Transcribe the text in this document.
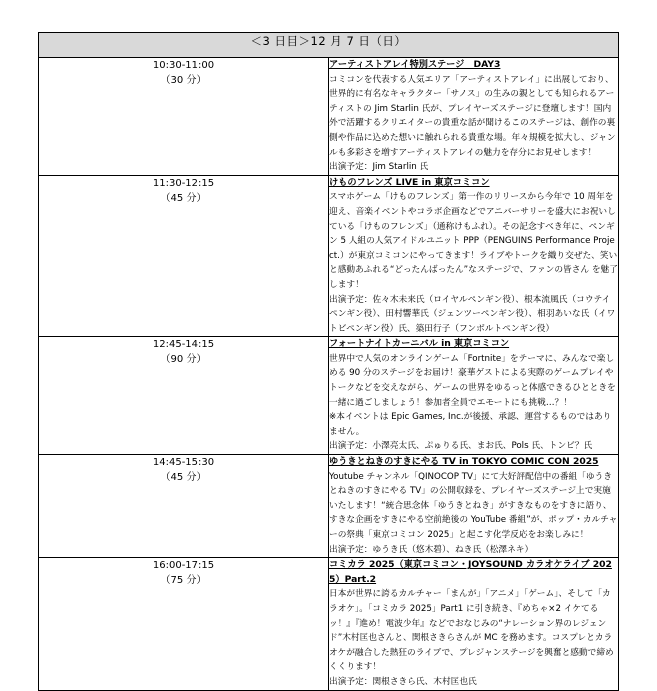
＜3 日目＞12 月 7 日（日）	

10:30-11:00
（30 分）	アーティストアレイ特別ステージ　DAY3
コミコンを代表する人気エリア「アーティストアレイ」に出展しており、世界的に有名なキャラクター「サノス」の生みの親としても知られるアーティストの Jim Starlin 氏が、プレイヤーズステージに登壇します！国内外で活躍するクリエイターの貴重な話が聞けるこのステージは、創作の裏側や作品に込めた想いに触れられる貴重な場。年々規模を拡大し、ジャンルも多彩さを増すアーティストアレイの魅力を存分にお見せします！
出演予定：Jim Starlin 氏

11:30-12:15
（45 分）	けものフレンズ LIVE in 東京コミコン
スマホゲーム「けものフレンズ」第一作のリリースから今年で 10 周年を迎え、音楽イベントやコラボ企画などでアニバーサリーを盛大にお祝いしている「けものフレンズ」（通称けもふれ）。その記念すべき年に、ペンギン 5 人組の人気アイドルユニット PPP（PENGUINS Performance Project.）が東京コミコンにやってきます！ライブやトークを織り交ぜた、笑いと感動あふれる“どったんばったん”なステージで、ファンの皆さん を魅了します！
出演予定：佐々木未来氏（ロイヤルペンギン役）、根本流風氏（コウテイペンギン役）、田村響華氏（ジェンツーペンギン役）、相羽あいな氏（イワトビペンギン役）氏、築田行子（フンボルトペンギン役）

12:45-14:15
（90 分）	フォートナイトカーニバル in 東京コミコン
世界中で人気のオンラインゲーム「Fortnite」をテーマに、みんなで楽しめる 90 分のステージをお届け！豪華ゲストによる実際のゲームプレイやトークなどを交えながら、ゲームの世界をゆるっと体感できるひとときを一緒に過ごしましょう！参加者全員でエモートにも挑戦…？！
※本イベントは Epic Games, Inc.が後援、承認、運営するものではありません。
出演予定：小澤亮太氏、ぷゅりる氏、まお氏、Pols 氏、トンビ？氏

14:45-15:30
（45 分）	ゆうきとねきのすきにやる TV in TOKYO COMIC CON 2025
Youtube チャンネル「QINOCOP TV」にて大好評配信中の番組「ゆうきとねきのすきにやる TV」の公開収録を、プレイヤーズステージ上で実施いたします！“統合思念体「ゆうきとねき」がすきなものをすきに語り、すきな企画をすきにやる空前絶後の YouTube 番組”が、ポップ・カルチャーの祭典「東京コミコン 2025」と起こす化学反応をお楽しみに！
出演予定：ゆうき氏（悠木碧）、ねき氏（松澤ネキ）

16:00-17:15
（75 分）	コミカラ 2025（東京コミコン・JOYSOUND カラオケライブ 2025）Part.2
日本が世界に誇るカルチャー「まんが」「アニメ」「ゲーム」、そして「カラオケ」。「コミカラ 2025」Part1 に引き続き、『めちゃ×2 イケてるッ！』『進め！電波少年』などでおなじみの“ナレーション界のレジェンド”木村匡也さんと、関根さきらさんが MC を務めます。コスプレとカラオケが融合した熱狂のライブで、プレジャンステージを興奮と感動で締めくくります！
出演予定：関根さきら氏、木村匡也氏
